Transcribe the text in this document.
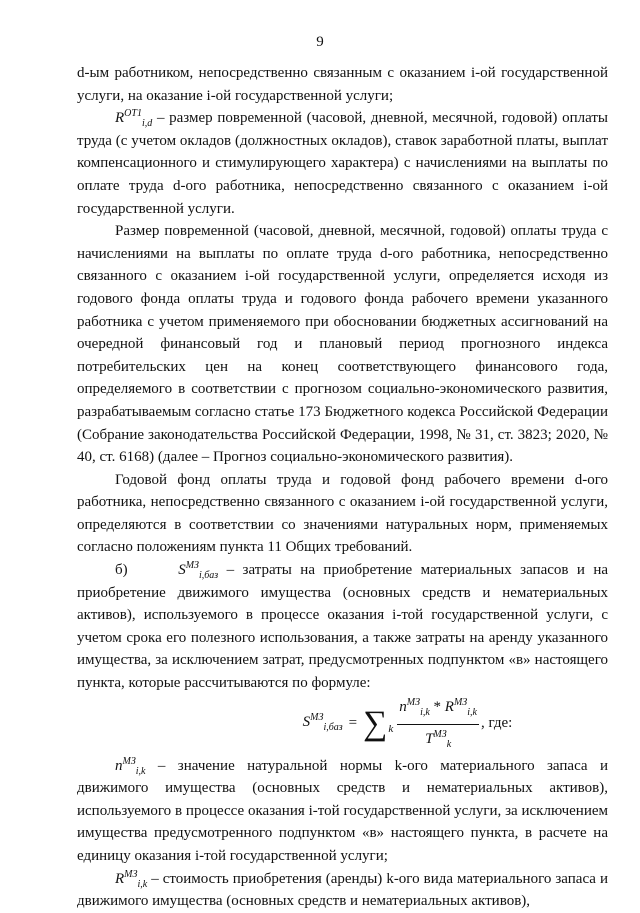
9

d-ым работником, непосредственно связанным с оказанием i-ой государственной услуги, на оказание i-ой государственной услуги;

$R^{ОТ1}_{i,d}$ – размер повременной (часовой, дневной, месячной, годовой) оплаты труда (с учетом окладов (должностных окладов), ставок заработной платы, выплат компенсационного и стимулирующего характера) с начислениями на выплаты по оплате труда d-ого работника, непосредственно связанного с оказанием i-ой государственной услуги.

Размер повременной (часовой, дневной, месячной, годовой) оплаты труда с начислениями на выплаты по оплате труда d-ого работника, непосредственно связанного с оказанием i-ой государственной услуги, определяется исходя из годового фонда оплаты труда и годового фонда рабочего времени указанного работника с учетом применяемого при обосновании бюджетных ассигнований на очередной финансовый год и плановый период прогнозного индекса потребительских цен на конец соответствующего финансового года, определяемого в соответствии с прогнозом социально-экономического развития, разрабатываемым согласно статье 173 Бюджетного кодекса Российской Федерации (Собрание законодательства Российской Федерации, 1998, № 31, ст. 3823; 2020, № 40, ст. 6168) (далее – Прогноз социально-экономического развития).

Годовой фонд оплаты труда и годовой фонд рабочего времени d-ого работника, непосредственно связанного с оказанием i-ой государственной услуги, определяются в соответствии со значениями натуральных норм, применяемых согласно положениям пункта 11 Общих требований.

б)	$S^{МЗ}_{i,баз}$ – затраты на приобретение материальных запасов и на приобретение движимого имущества (основных средств и нематериальных активов), используемого в процессе оказания i-той государственной услуги, с учетом срока его полезного использования, а также затраты на аренду указанного имущества, за исключением затрат, предусмотренных подпунктом «в» настоящего пункта, которые рассчитываются по формуле:

$S^{МЗ}_{i,баз}$ = ∑ k $\frac{n^{МЗ}_{i,k} * R^{МЗ}_{i,k}}{T^{МЗ}_k}$ , где:

$n^{МЗ}_{i,k}$ – значение натуральной нормы k-ого материального запаса и движимого имущества (основных средств и нематериальных активов), используемого в процессе оказания i-той государственной услуги, за исключением имущества предусмотренного подпунктом «в» настоящего пункта, в расчете на единицу оказания i-той государственной услуги;

$R^{МЗ}_{i,k}$ – стоимость приобретения (аренды) k-ого вида материального запаса и движимого имущества (основных средств и нематериальных активов),
